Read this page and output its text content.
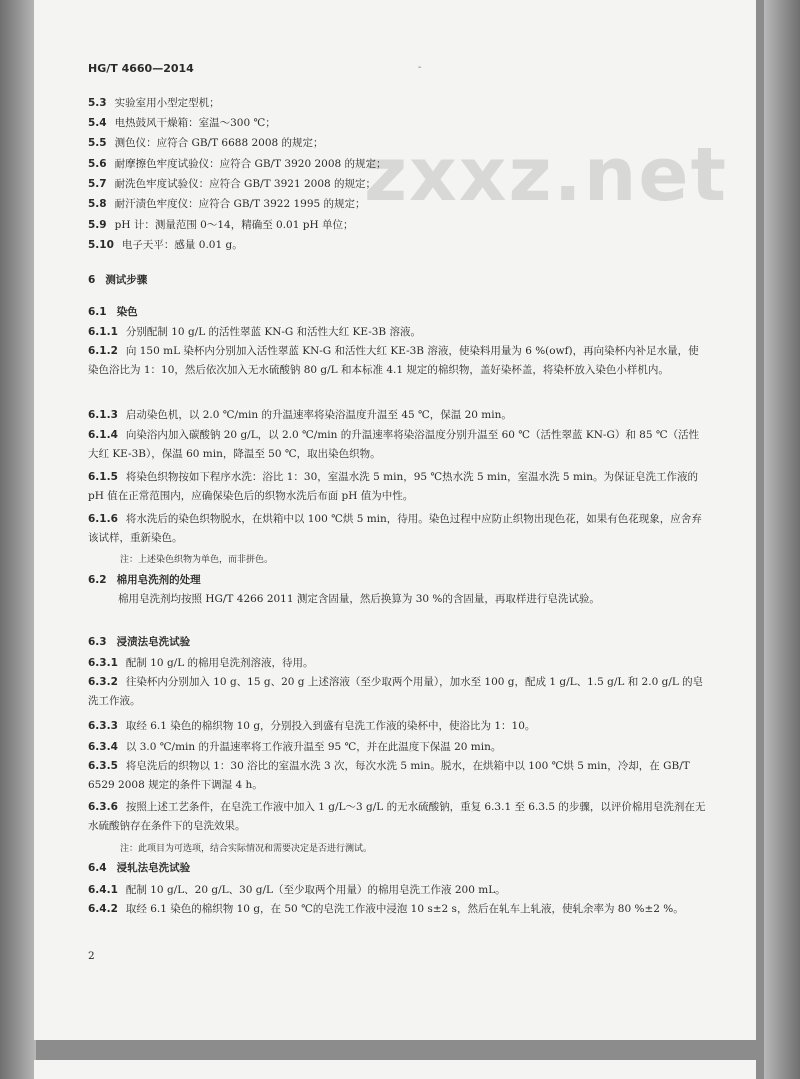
zxxz.net
HG/T 4660—2014	-
5.3 实验室用小型定型机；
5.4 电热鼓风干燥箱：室温～300 ℃；
5.5 测色仪：应符合 GB/T 6688 2008 的规定；
5.6 耐摩擦色牢度试验仪：应符合 GB/T 3920 2008 的规定；
5.7 耐洗色牢度试验仪：应符合 GB/T 3921 2008 的规定；
5.8 耐汗渍色牢度仪：应符合 GB/T 3922 1995 的规定；
5.9 pH 计：测量范围 0～14，精确至 0.01 pH 单位；
5.10 电子天平：感量 0.01 g。
6 测试步骤
6.1 染色
6.1.1 分别配制 10 g/L 的活性翠蓝 KN-G 和活性大红 KE-3B 溶液。
6.1.2 向 150 mL 染杯内分别加入活性翠蓝 KN-G 和活性大红 KE-3B 溶液，使染料用量为 6 %(owf)，再向染杯内补足水量，使染色浴比为 1：10，然后依次加入无水硫酸钠 80 g/L 和本标准 4.1 规定的棉织物，盖好染杯盖，将染杯放入染色小样机内。
6.1.3 启动染色机，以 2.0 ℃/min 的升温速率将染浴温度升温至 45 ℃，保温 20 min。
6.1.4 向染浴内加入碳酸钠 20 g/L，以 2.0 ℃/min 的升温速率将染浴温度分别升温至 60 ℃（活性翠蓝 KN-G）和 85 ℃（活性大红 KE-3B），保温 60 min，降温至 50 ℃，取出染色织物。
6.1.5 将染色织物按如下程序水洗：浴比 1：30，室温水洗 5 min，95 ℃热水洗 5 min，室温水洗 5 min。为保证皂洗工作液的 pH 值在正常范围内，应确保染色后的织物水洗后布面 pH 值为中性。
6.1.6 将水洗后的染色织物脱水，在烘箱中以 100 ℃烘 5 min，待用。染色过程中应防止织物出现色花，如果有色花现象，应舍弃该试样，重新染色。
注：上述染色织物为单色，而非拼色。
6.2 棉用皂洗剂的处理
棉用皂洗剂均按照 HG/T 4266 2011 测定含固量，然后换算为 30 %的含固量，再取样进行皂洗试验。
6.3 浸渍法皂洗试验
6.3.1 配制 10 g/L 的棉用皂洗剂溶液，待用。
6.3.2 往染杯内分别加入 10 g、15 g、20 g 上述溶液（至少取两个用量），加水至 100 g，配成 1 g/L、1.5 g/L 和 2.0 g/L 的皂洗工作液。
6.3.3 取经 6.1 染色的棉织物 10 g，分别投入到盛有皂洗工作液的染杯中，使浴比为 1：10。
6.3.4 以 3.0 ℃/min 的升温速率将工作液升温至 95 ℃，并在此温度下保温 20 min。
6.3.5 将皂洗后的织物以 1：30 浴比的室温水洗 3 次，每次水洗 5 min。脱水，在烘箱中以 100 ℃烘 5 min，冷却，在 GB/T 6529 2008 规定的条件下调湿 4 h。
6.3.6 按照上述工艺条件，在皂洗工作液中加入 1 g/L～3 g/L 的无水硫酸钠，重复 6.3.1 至 6.3.5 的步骤，以评价棉用皂洗剂在无水硫酸钠存在条件下的皂洗效果。
注：此项目为可选项，结合实际情况和需要决定是否进行测试。
6.4 浸轧法皂洗试验
6.4.1 配制 10 g/L、20 g/L、30 g/L（至少取两个用量）的棉用皂洗工作液 200 mL。
6.4.2 取经 6.1 染色的棉织物 10 g，在 50 ℃的皂洗工作液中浸泡 10 s±2 s，然后在轧车上轧液，使轧余率为 80 %±2 %。
2
